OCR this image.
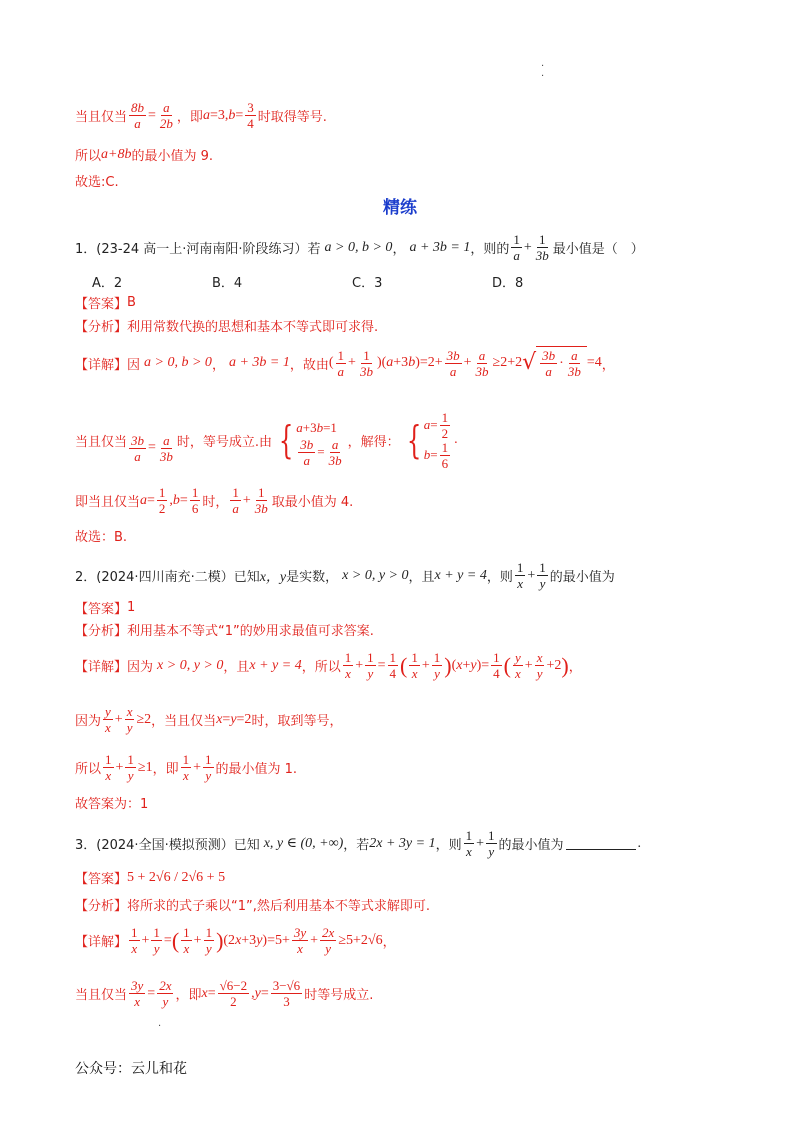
.
.
当且仅当 $\frac{8b}{a} = \frac{a}{2b}$ ，即 a =3, $b = \frac{3}{4}$ 时取得等号.
所以 a+8b 的最小值为 9.
故选:C.
精练
1． (23-24 高一上·河南南阳·阶段练习）若 a > 0, b > 0 ， a + 3b = 1 ，则的 $\frac{1}{a} + \frac{1}{3b}$ 最小值是（　）
A．2	B．4	C．3	D．8
【答案】 B
【分析】 利用常数代换的思想和基本不等式即可求得.
【详解】 因 a > 0, b > 0 ， a + 3b = 1 ，故由 ( $\frac{1}{a} + \frac{1}{3b}$ )( a +3 b )$=2+ \frac{3b}{a} + \frac{a}{3b} \ge 2+2$ √ $\frac{3b}{a} \cdot \frac{a}{3b} =4$ ，
当且仅当 $\frac{3b}{a} = \frac{a}{3b}$ 时，等号成立.由 { a +3 b =1
$\frac{3b}{a} = \frac{a}{3b}$ ，解得： { $a = \frac{1}{2}$
$b = \frac{1}{6}$ .
即当且仅当 $a = \frac{1}{2}$ , $b = \frac{1}{6}$ 时， $\frac{1}{a} + \frac{1}{3b}$ 取最小值为 4.
故选：B.
2． (2024·四川南充·二模）已知 x，y 是实数， x > 0, y > 0 ，且 x + y = 4 ，则 $\frac{1}{x} + \frac{1}{y}$ 的最小值为
【答案】 1
【分析】 利用基本不等式“1”的妙用求最值可求答案.
【详解】 因为 x > 0, y > 0 ，且 x + y = 4 ，所以 $\frac{1}{x} + \frac{1}{y} = \frac{1}{4}$ ( $\frac{1}{x} + \frac{1}{y}$ ) ( x + y )= $\frac{1}{4}$ ( $\frac{y}{x} + \frac{x}{y} +2$ ) ，
因为 $\frac{y}{x} + \frac{x}{y} \ge 2$ ，当且仅当 x = y =2 时，取到等号，
所以 $\frac{1}{x} + \frac{1}{y} \ge 1$ ，即 $\frac{1}{x} + \frac{1}{y}$ 的最小值为 1.
故答案为：1
3． (2024·全国·模拟预测）已知 x, y ∈ (0, +∞) ，若 2x + 3y = 1 ，则 $\frac{1}{x} + \frac{1}{y}$ 的最小值为	.
【答案】 5 + 2√6 / 2√6 + 5
【分析】 将所求的式子乘以“1”,然后利用基本不等式求解即可.
【详解】 $\frac{1}{x} + \frac{1}{y}$ = ( $\frac{1}{x} + \frac{1}{y}$ ) (2 x +3 y )$=5+ \frac{3y}{x} + \frac{2x}{y} \ge 5+2√6$ ，
当且仅当 $\frac{3y}{x} = \frac{2x}{y}$ ，即 $x = \frac{√6-2}{2}$ , $y = \frac{3-√6}{3}$ 时等号成立.
.
公众号：云儿和花
